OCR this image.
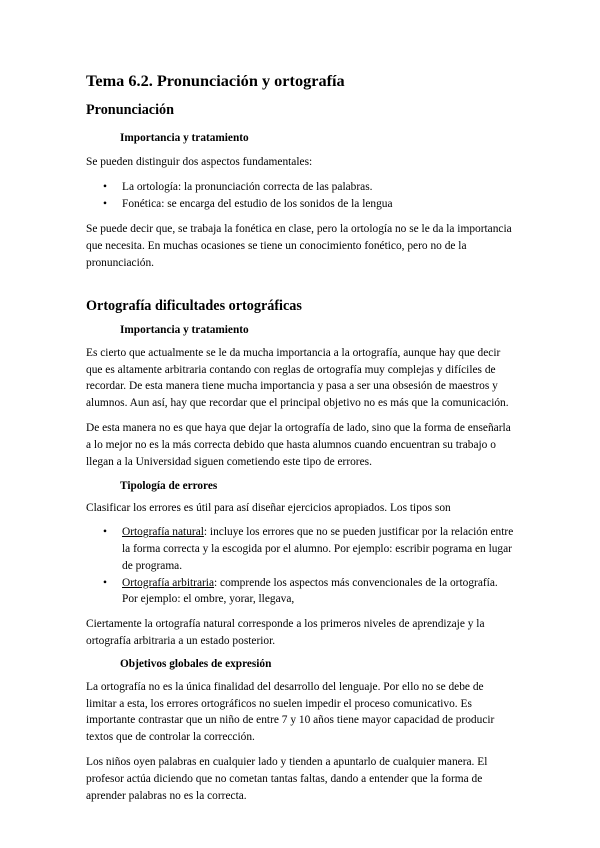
Tema 6.2. Pronunciación y ortografía
Pronunciación
Importancia y tratamiento

Se pueden distinguir dos aspectos fundamentales:

• La ortología: la pronunciación correcta de las palabras.
• Fonética: se encarga del estudio de los sonidos de la lengua

Se puede decir que, se trabaja la fonética en clase, pero la ortología no se le da la importancia que necesita. En muchas ocasiones se tiene un conocimiento fonético, pero no de la pronunciación.

Ortografía dificultades ortográficas
Importancia y tratamiento

Es cierto que actualmente se le da mucha importancia a la ortografía, aunque hay que decir que es altamente arbitraria contando con reglas de ortografía muy complejas y difíciles de recordar. De esta manera tiene mucha importancia y pasa a ser una obsesión de maestros y alumnos. Aun así, hay que recordar que el principal objetivo no es más que la comunicación.

De esta manera no es que haya que dejar la ortografía de lado, sino que la forma de enseñarla a lo mejor no es la más correcta debido que hasta alumnos cuando encuentran su trabajo o llegan a la Universidad siguen cometiendo este tipo de errores.

Tipología de errores

Clasificar los errores es útil para así diseñar ejercicios apropiados. Los tipos son

• Ortografía natural: incluye los errores que no se pueden justificar por la relación entre la forma correcta y la escogida por el alumno. Por ejemplo: escribir pograma en lugar de programa.
• Ortografía arbitraria: comprende los aspectos más convencionales de la ortografía. Por ejemplo: el ombre, yorar, llegava,

Ciertamente la ortografía natural corresponde a los primeros niveles de aprendizaje y la ortografía arbitraria a un estado posterior.

Objetivos globales de expresión

La ortografía no es la única finalidad del desarrollo del lenguaje. Por ello no se debe de limitar a esta, los errores ortográficos no suelen impedir el proceso comunicativo. Es importante contrastar que un niño de entre 7 y 10 años tiene mayor capacidad de producir textos que de controlar la corrección.

Los niños oyen palabras en cualquier lado y tienden a apuntarlo de cualquier manera. El profesor actúa diciendo que no cometan tantas faltas, dando a entender que la forma de aprender palabras no es la correcta.
